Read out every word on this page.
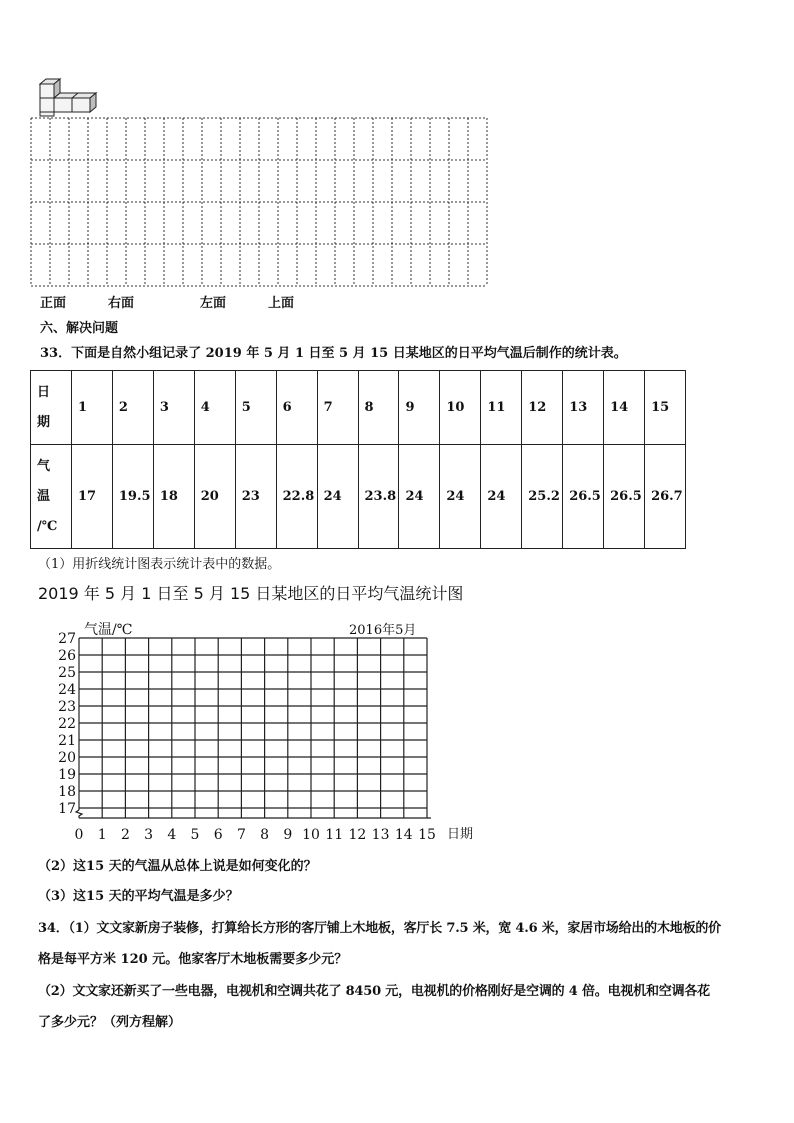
正面	右面	左面	上面
六、解决问题
33．下面是自然小组记录了 2019 年 5 月 1 日至 5 月 15 日某地区的日平均气温后制作的统计表。
日
期	1	2	3	4	5	6	7	8	9	10	11	12	13	14	15
气
温
/℃	17	19.5	18	20	23	22.8	24	23.8	24	24	24	25.2	26.5	26.5	26.7
（1）用折线统计图表示统计表中的数据。
2019 年 5 月 1 日至 5 月 15 日某地区的日平均气温统计图
17
18
19
20
21
22
23
24
25
26
27
0 1 2 3 4 5 6 7 8 9 10 11 12 13 14 15
气温/℃	2016年5月
日期
（2）这15 天的气温从总体上说是如何变化的？
（3）这15 天的平均气温是多少？
34．（1）文文家新房子装修，打算给长方形的客厅铺上木地板，客厅长 7.5 米，宽 4.6 米，家居市场给出的木地板的价
格是每平方米 120 元。他家客厅木地板需要多少元？
（2）文文家还新买了一些电器，电视机和空调共花了 8450 元，电视机的价格刚好是空调的 4 倍。电视机和空调各花
了多少元？（列方程解）
